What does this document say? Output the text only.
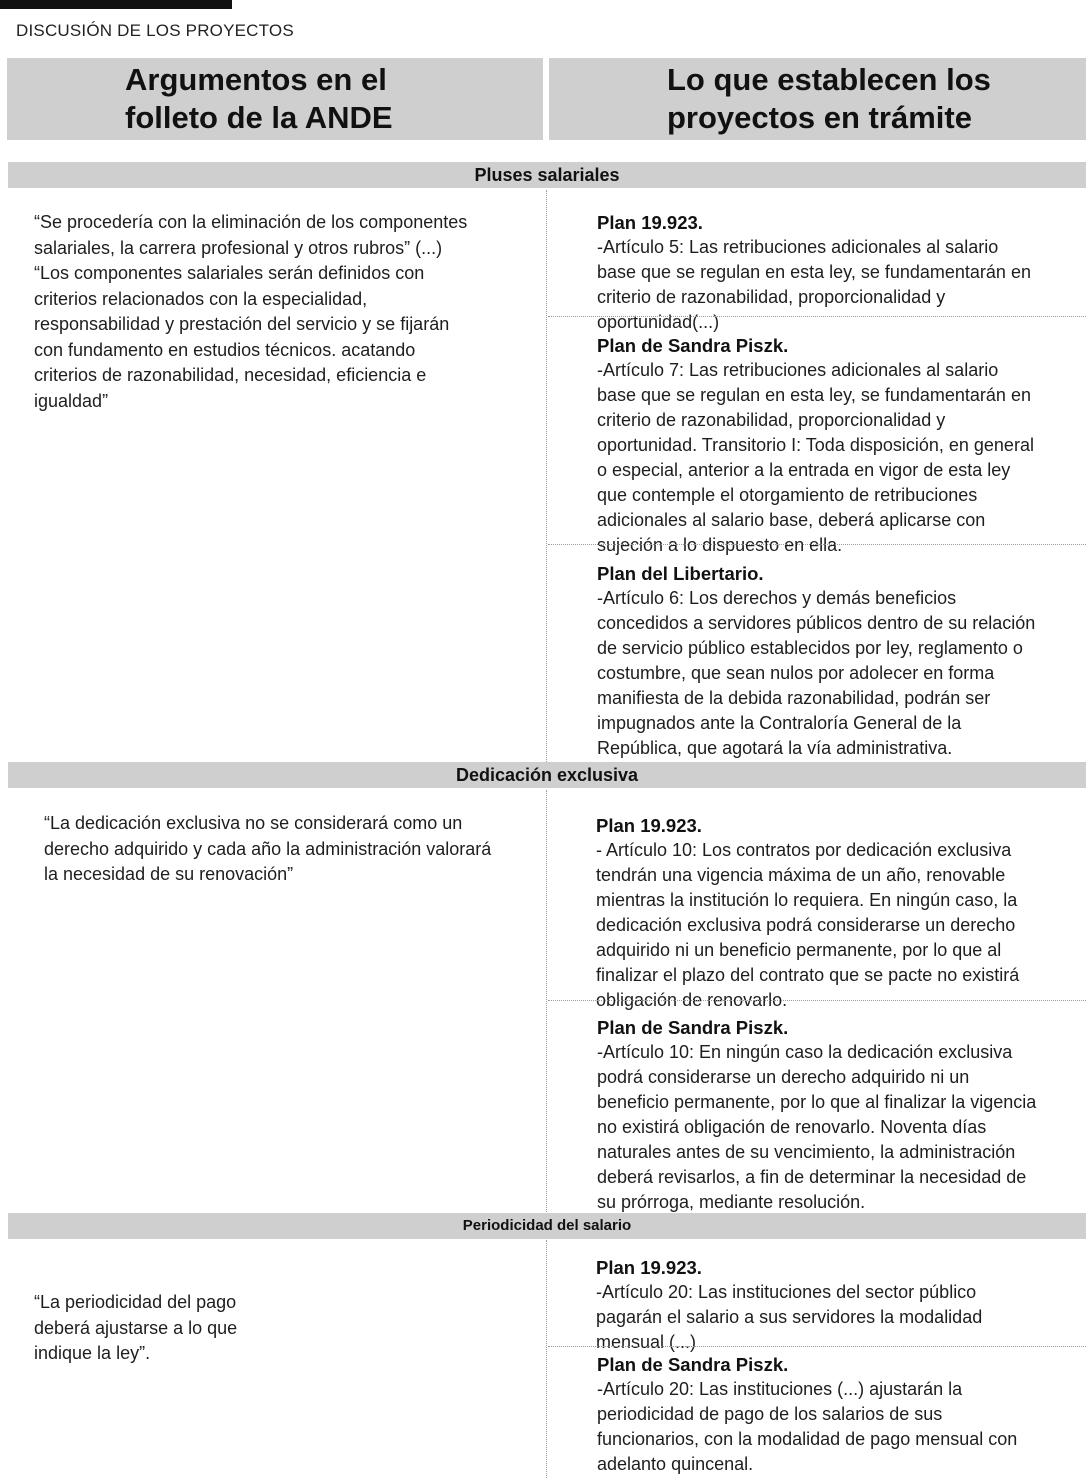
DISCUSIÓN DE LOS PROYECTOS
Argumentos en el
folleto de la ANDE
Lo que establecen los
proyectos en trámite
Pluses salariales
“Se procedería con la eliminación de los componentes salariales, la carrera profesional y otros rubros” (...) “Los componentes salariales serán definidos con criterios relacionados con la especialidad, responsabilidad y prestación del servicio y se fijarán con fundamento en estudios técnicos. acatando criterios de razonabilidad, necesidad, eficiencia e igualdad”
Plan 19.923.
-Artículo 5: Las retribuciones adicionales al salario base que se regulan en esta ley, se fundamentarán en criterio de razonabilidad, proporcionalidad y oportunidad(...)
Plan de Sandra Piszk.
-Artículo 7: Las retribuciones adicionales al salario base que se regulan en esta ley, se fundamentarán en criterio de razonabilidad, proporcionalidad y oportunidad. Transitorio I: Toda disposición, en general o especial, anterior a la entrada en vigor de esta ley que contemple el otorgamiento de retribuciones adicionales al salario base, deberá aplicarse con sujeción a lo dispuesto en ella.
Plan del Libertario.
-Artículo 6: Los derechos y demás beneficios concedidos a servidores públicos dentro de su relación de servicio público establecidos por ley, reglamento o costumbre, que sean nulos por adolecer en forma manifiesta de la debida razonabilidad, podrán ser impugnados ante la Contraloría General de la República, que agotará la vía administrativa.
Dedicación exclusiva
“La dedicación exclusiva no se considerará como un derecho adquirido y cada año la administración valorará la necesidad de su renovación”
Plan 19.923.
- Artículo 10: Los contratos por dedicación exclusiva tendrán una vigencia máxima de un año, renovable mientras la institución lo requiera. En ningún caso, la dedicación exclusiva podrá considerarse un derecho adquirido ni un beneficio permanente, por lo que al finalizar el plazo del contrato que se pacte no existirá obligación de renovarlo.
Plan de Sandra Piszk.
-Artículo 10: En ningún caso la dedicación exclusiva podrá considerarse un derecho adquirido ni un beneficio permanente, por lo que al finalizar la vigencia no existirá obligación de renovarlo. Noventa días naturales antes de su vencimiento, la administración deberá revisarlos, a fin de determinar la necesidad de su prórroga, mediante resolución.
Periodicidad del salario
“La periodicidad del pago deberá ajustarse a lo que indique la ley”.
Plan 19.923.
-Artículo 20: Las instituciones del sector público pagarán el salario a sus servidores la modalidad mensual (...)
Plan de Sandra Piszk.
-Artículo 20: Las instituciones (...) ajustarán la periodicidad de pago de los salarios de sus funcionarios, con la modalidad de pago mensual con adelanto quincenal.
